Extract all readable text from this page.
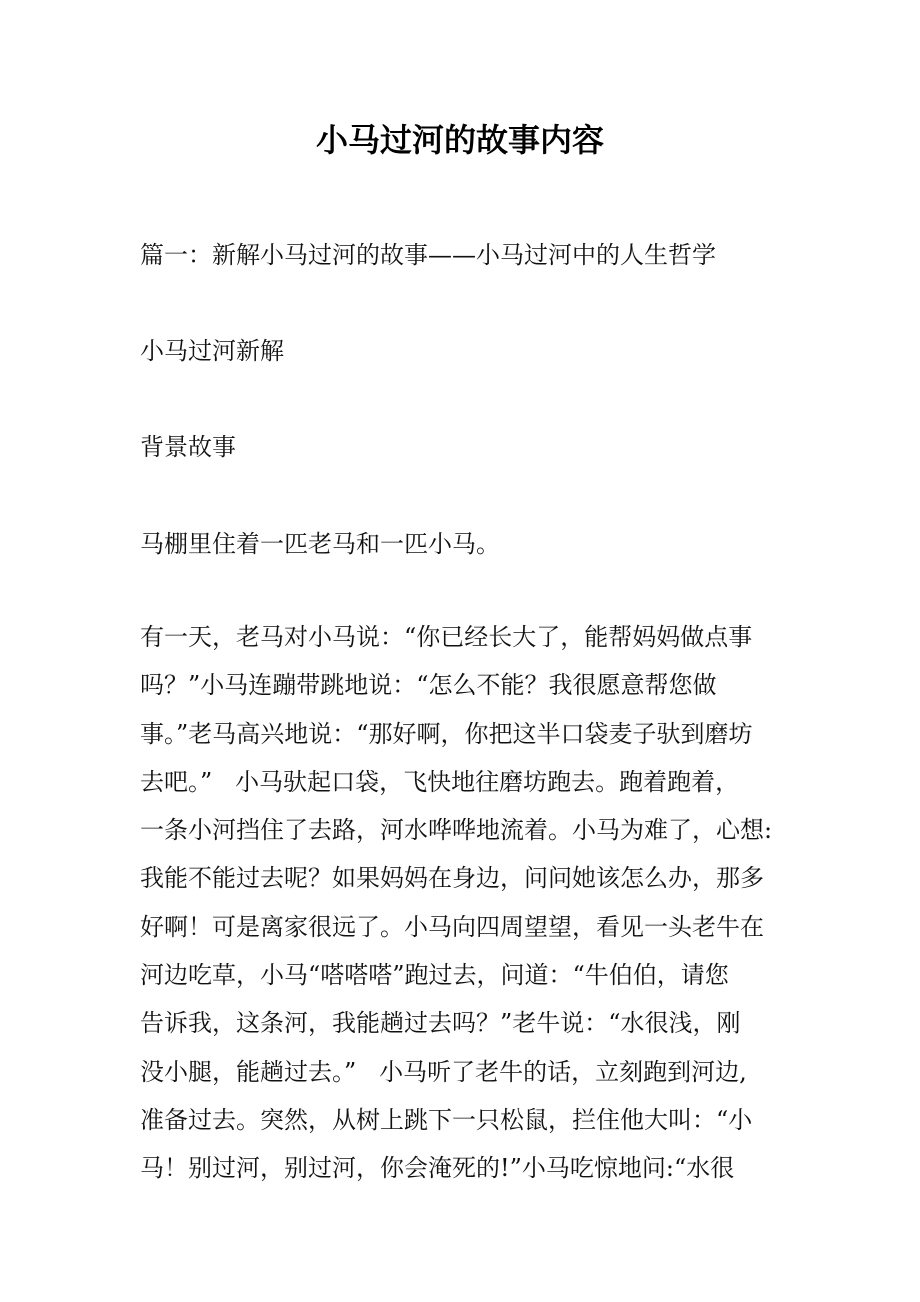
小马过河的故事内容

篇一：新解小马过河的故事——小马过河中的人生哲学

小马过河新解

背景故事

马棚里住着一匹老马和一匹小马。

有一天，老马对小马说：“你已经长大了，能帮妈妈做点事
吗？”小马连蹦带跳地说：“怎么不能？我很愿意帮您做
事。”老马高兴地说：“那好啊，你把这半口袋麦子驮到磨坊
去吧。”   小马驮起口袋，飞快地往磨坊跑去。跑着跑着，
一条小河挡住了去路，河水哗哗地流着。小马为难了，心想:
我能不能过去呢？如果妈妈在身边，问问她该怎么办，那多
好啊！可是离家很远了。小马向四周望望，看见一头老牛在
河边吃草，小马“嗒嗒嗒”跑过去，问道：“牛伯伯，请您
告诉我，这条河，我能趟过去吗？”老牛说：“水很浅，刚
没小腿，能趟过去。”   小马听了老牛的话，立刻跑到河边,
准备过去。突然，从树上跳下一只松鼠，拦住他大叫：“小
马！别过河，别过河，你会淹死的!”小马吃惊地问:“水很
